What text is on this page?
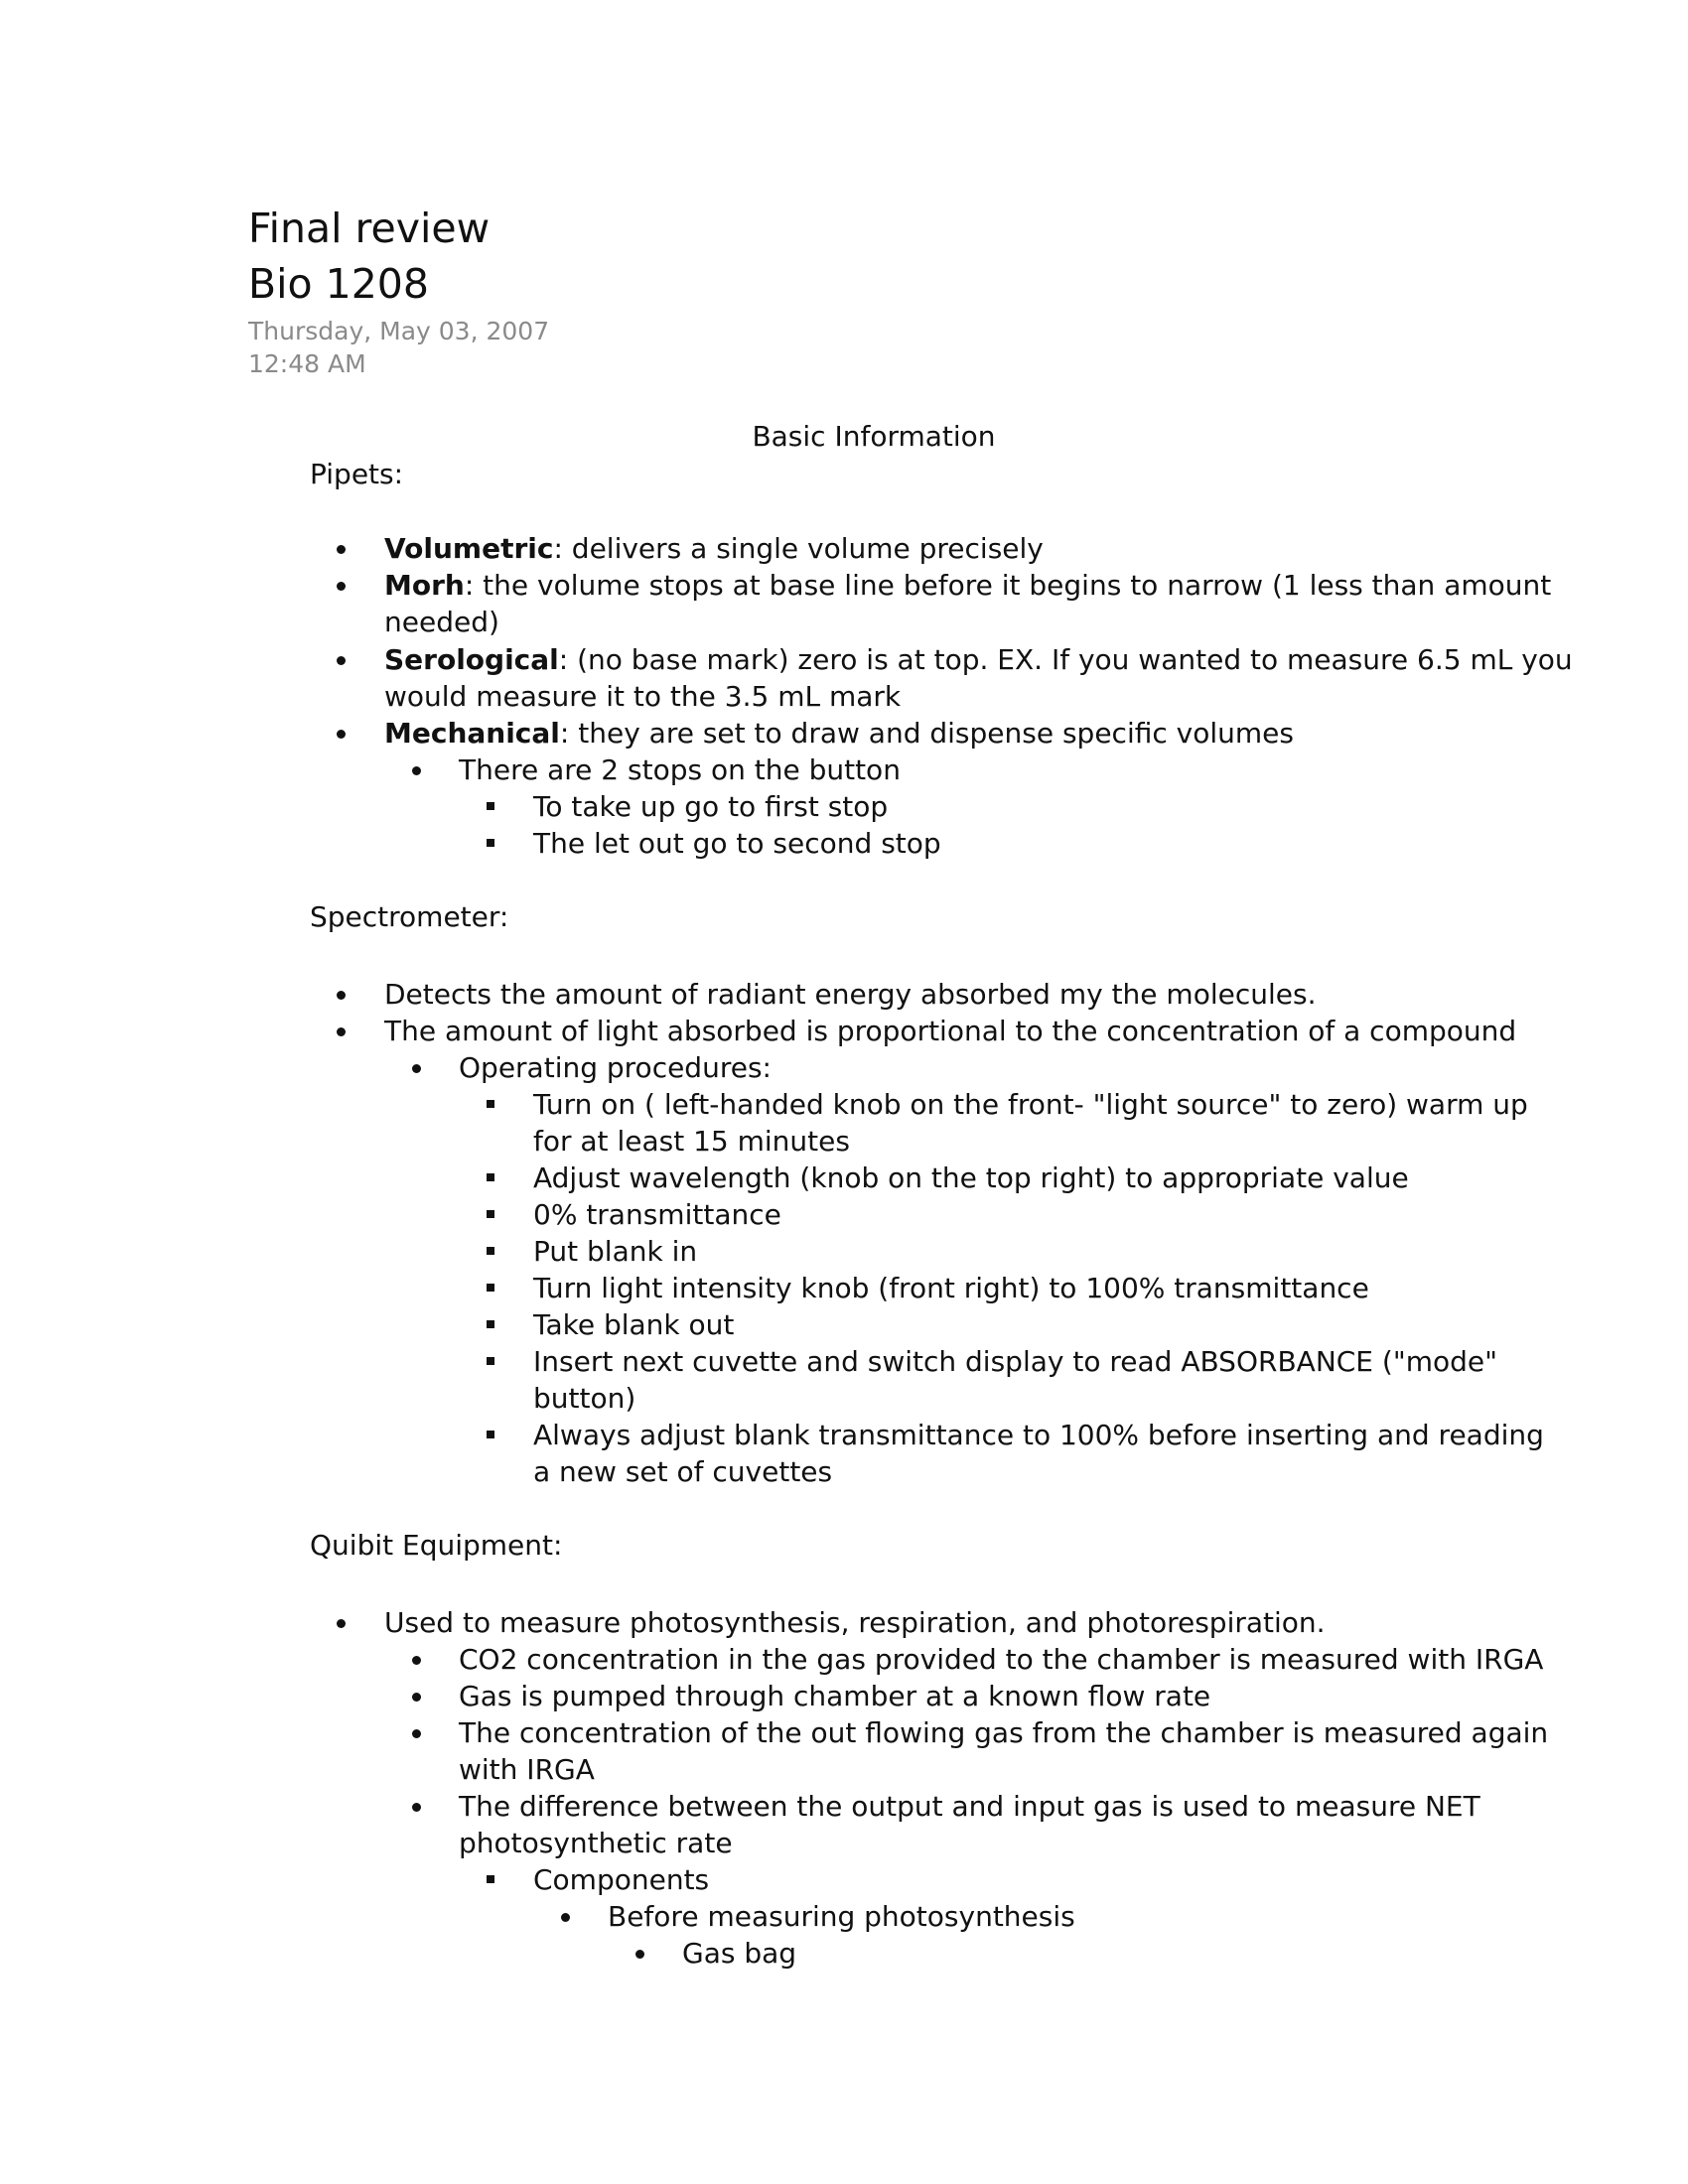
Final review
Bio 1208
Thursday, May 03, 2007
12:48 AM
Basic Information
Pipets:
Volumetric: delivers a single volume precisely
Morh: the volume stops at base line before it begins to narrow (1 less than amount
needed)
Serological: (no base mark) zero is at top. EX. If you wanted to measure 6.5 mL you
would measure it to the 3.5 mL mark
Mechanical: they are set to draw and dispense specific volumes
There are 2 stops on the button
To take up go to first stop
The let out go to second stop
Spectrometer:
Detects the amount of radiant energy absorbed my the molecules.
The amount of light absorbed is proportional to the concentration of a compound
Operating procedures:
Turn on ( left-handed knob on the front- "light source" to zero) warm up
for at least 15 minutes
Adjust wavelength (knob on the top right) to appropriate value
0% transmittance
Put blank in
Turn light intensity knob (front right) to 100% transmittance
Take blank out
Insert next cuvette and switch display to read ABSORBANCE ("mode"
button)
Always adjust blank transmittance to 100% before inserting and reading
a new set of cuvettes
Quibit Equipment:
Used to measure photosynthesis, respiration, and photorespiration.
CO2 concentration in the gas provided to the chamber is measured with IRGA
Gas is pumped through chamber at a known flow rate
The concentration of the out flowing gas from the chamber is measured again
with IRGA
The difference between the output and input gas is used to measure NET
photosynthetic rate
Components
Before measuring photosynthesis
Gas bag
